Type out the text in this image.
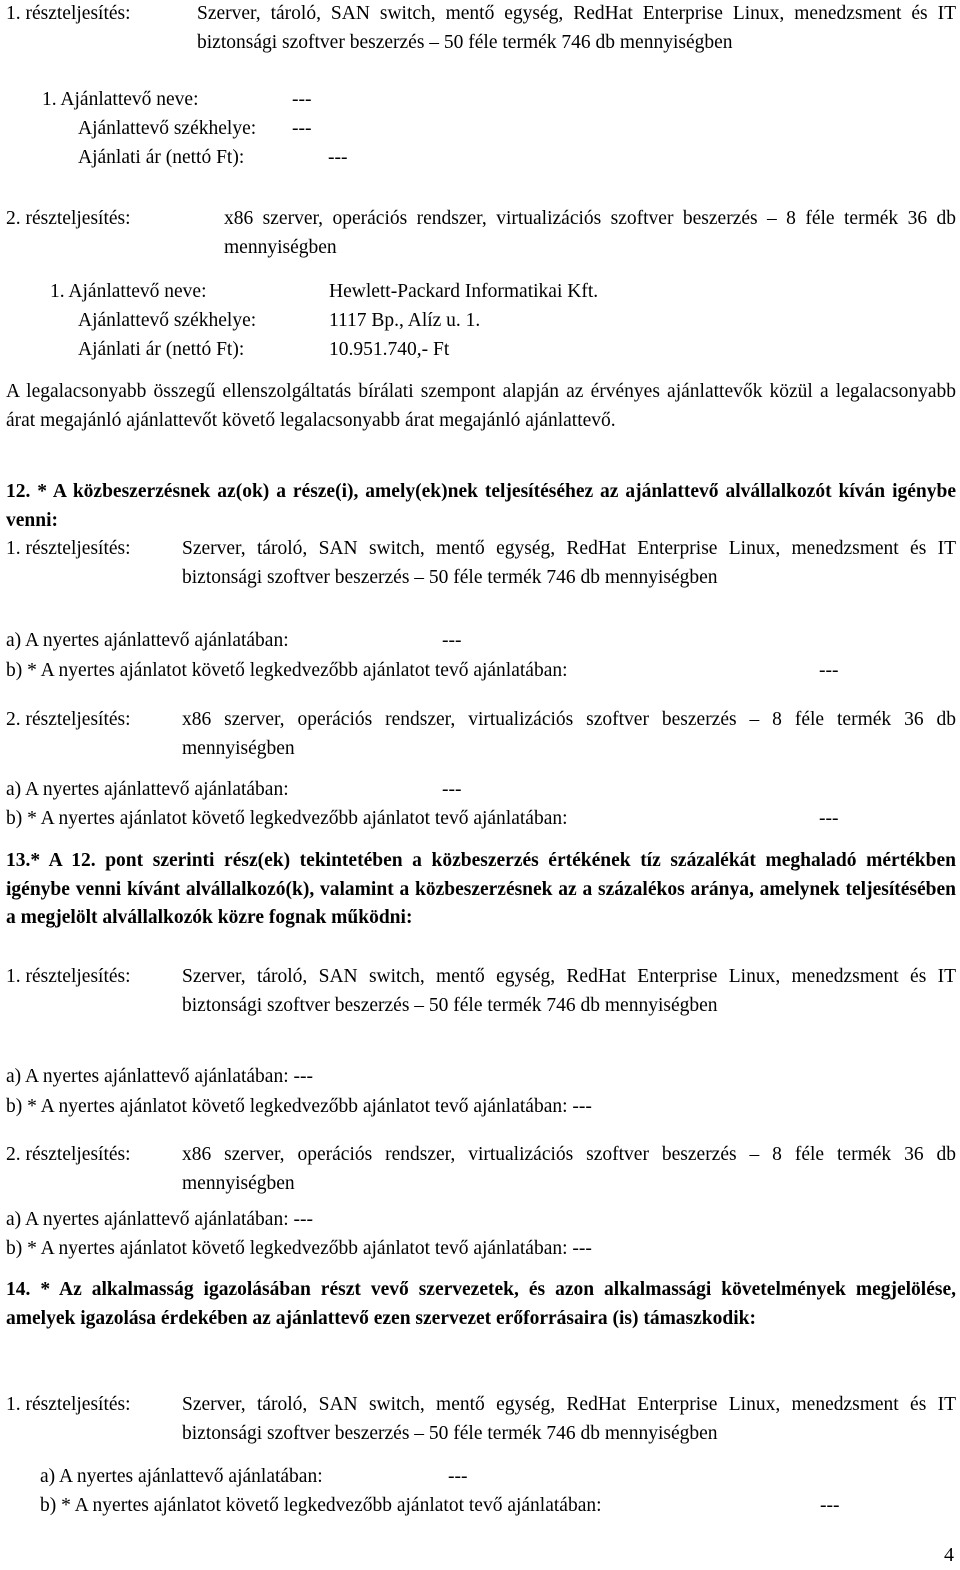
1. részteljesítés:	Szerver, tároló, SAN switch, mentő egység, RedHat Enterprise Linux, menedzsment és IT biztonsági szoftver beszerzés – 50 féle termék 746 db mennyiségben
1. Ajánlattevő neve:	---
Ajánlattevő székhelye:	---
Ajánlati ár (nettó Ft):	---
2. részteljesítés:	x86 szerver, operációs rendszer, virtualizációs szoftver beszerzés – 8 féle termék 36 db mennyiségben
1. Ajánlattevő neve:	Hewlett-Packard Informatikai Kft.
Ajánlattevő székhelye:	1117 Bp., Alíz u. 1.
Ajánlati ár (nettó Ft):	10.951.740,- Ft

A legalacsonyabb összegű ellenszolgáltatás bírálati szempont alapján az érvényes ajánlattevők közül a legalacsonyabb árat megajánló ajánlattevőt követő legalacsonyabb árat megajánló ajánlattevő.

12. * A közbeszerzésnek az(ok) a része(i), amely(ek)nek teljesítéséhez az ajánlattevő alvállalkozót kíván igénybe venni:

1. részteljesítés:	Szerver, tároló, SAN switch, mentő egység, RedHat Enterprise Linux, menedzsment és IT biztonsági szoftver beszerzés – 50 féle termék 746 db mennyiségben
a) A nyertes ajánlattevő ajánlatában:	---
b) * A nyertes ajánlatot követő legkedvezőbb ajánlatot tevő ajánlatában:	---
2. részteljesítés:	x86 szerver, operációs rendszer, virtualizációs szoftver beszerzés – 8 féle termék 36 db mennyiségben
a) A nyertes ajánlattevő ajánlatában:	---
b) * A nyertes ajánlatot követő legkedvezőbb ajánlatot tevő ajánlatában:	---

13.* A 12. pont szerinti rész(ek) tekintetében a közbeszerzés értékének tíz százalékát meghaladó mértékben igénybe venni kívánt alvállalkozó(k), valamint a közbeszerzésnek az a százalékos aránya, amelynek teljesítésében a megjelölt alvállalkozók közre fognak működni:

1. részteljesítés:	Szerver, tároló, SAN switch, mentő egység, RedHat Enterprise Linux, menedzsment és IT biztonsági szoftver beszerzés – 50 féle termék 746 db mennyiségben
a) A nyertes ajánlattevő ajánlatában: ---
b) * A nyertes ajánlatot követő legkedvezőbb ajánlatot tevő ajánlatában: ---
2. részteljesítés:	x86 szerver, operációs rendszer, virtualizációs szoftver beszerzés – 8 féle termék 36 db mennyiségben
a) A nyertes ajánlattevő ajánlatában: ---
b) * A nyertes ajánlatot követő legkedvezőbb ajánlatot tevő ajánlatában: ---

14. * Az alkalmasság igazolásában részt vevő szervezetek, és azon alkalmassági követelmények megjelölése, amelyek igazolása érdekében az ajánlattevő ezen szervezet erőforrásaira (is) támaszkodik:

1. részteljesítés:	Szerver, tároló, SAN switch, mentő egység, RedHat Enterprise Linux, menedzsment és IT biztonsági szoftver beszerzés – 50 féle termék 746 db mennyiségben
a) A nyertes ajánlattevő ajánlatában:	---
b) * A nyertes ajánlatot követő legkedvezőbb ajánlatot tevő ajánlatában:	---
4
